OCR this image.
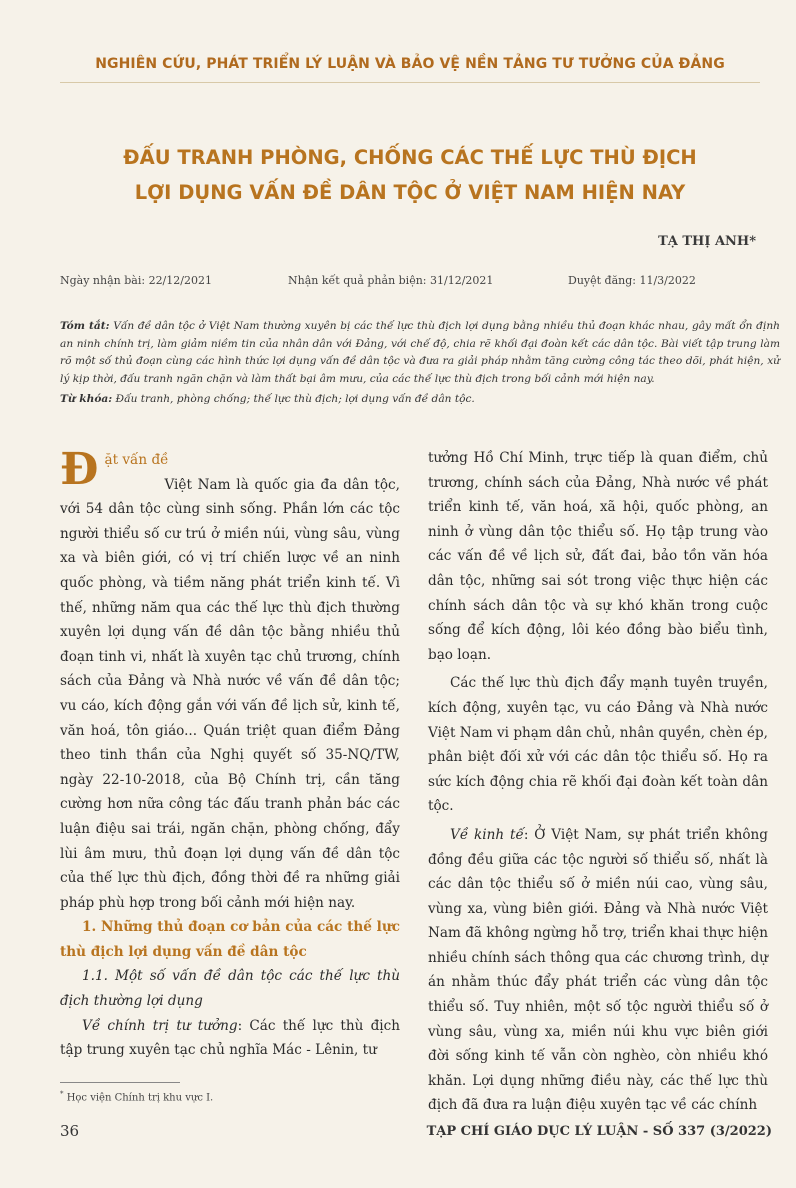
NGHIÊN CỨU, PHÁT TRIỂN LÝ LUẬN VÀ BẢO VỆ NỀN TẢNG TƯ TƯỞNG CỦA ĐẢNG
ĐẤU TRANH PHÒNG, CHỐNG CÁC THẾ LỰC THÙ ĐỊCH
LỢI DỤNG VẤN ĐỀ DÂN TỘC Ở VIỆT NAM HIỆN NAY
TẠ THỊ ANH*
Ngày nhận bài: 22/12/2021	Nhận kết quả phản biện: 31/12/2021	Duyệt đăng: 11/3/2022
Tóm tắt: Vấn đề dân tộc ở Việt Nam thường xuyên bị các thế lực thù địch lợi dụng bằng nhiều thủ đoạn khác nhau, gây mất ổn định an ninh chính trị, làm giảm niềm tin của nhân dân với Đảng, với chế độ, chia rẽ khối đại đoàn kết các dân tộc. Bài viết tập trung làm rõ một số thủ đoạn cùng các hình thức lợi dụng vấn đề dân tộc và đưa ra giải pháp nhằm tăng cường công tác theo dõi, phát hiện, xử lý kịp thời, đấu tranh ngăn chặn và làm thất bại âm mưu, của các thế lực thù địch trong bối cảnh mới hiện nay.
Từ khóa: Đấu tranh, phòng chống; thế lực thù địch; lợi dụng vấn đề dân tộc.
Đ ặt vấn đề

Việt Nam là quốc gia đa dân tộc, với 54 dân tộc cùng sinh sống. Phần lớn các tộc người thiểu số cư trú ở miền núi, vùng sâu, vùng xa và biên giới, có vị trí chiến lược về an ninh quốc phòng, và tiềm năng phát triển kinh tế. Vì thế, những năm qua các thế lực thù địch thường xuyên lợi dụng vấn đề dân tộc bằng nhiều thủ đoạn tinh vi, nhất là xuyên tạc chủ trương, chính sách của Đảng và Nhà nước về vấn đề dân tộc; vu cáo, kích động gắn với vấn đề lịch sử, kinh tế, văn hoá, tôn giáo... Quán triệt quan điểm Đảng theo tinh thần của Nghị quyết số 35-NQ/TW, ngày 22-10-2018, của Bộ Chính trị, cần tăng cường hơn nữa công tác đấu tranh phản bác các luận điệu sai trái, ngăn chặn, phòng chống, đẩy lùi âm mưu, thủ đoạn lợi dụng vấn đề dân tộc của thế lực thù địch, đồng thời đề ra những giải pháp phù hợp trong bối cảnh mới hiện nay.

1. Những thủ đoạn cơ bản của các thế lực thù địch lợi dụng vấn đề dân tộc

1.1. Một số vấn đề dân tộc các thế lực thù địch thường lợi dụng

Về chính trị tư tưởng: Các thế lực thù địch tập trung xuyên tạc chủ nghĩa Mác - Lênin, tư

tưởng Hồ Chí Minh, trực tiếp là quan điểm, chủ trương, chính sách của Đảng, Nhà nước về phát triển kinh tế, văn hoá, xã hội, quốc phòng, an ninh ở vùng dân tộc thiểu số. Họ tập trung vào các vấn đề về lịch sử, đất đai, bảo tồn văn hóa dân tộc, những sai sót trong việc thực hiện các chính sách dân tộc và sự khó khăn trong cuộc sống để kích động, lôi kéo đồng bào biểu tình, bạo loạn.

Các thế lực thù địch đẩy mạnh tuyên truyền, kích động, xuyên tạc, vu cáo Đảng và Nhà nước Việt Nam vi phạm dân chủ, nhân quyền, chèn ép, phân biệt đối xử với các dân tộc thiểu số. Họ ra sức kích động chia rẽ khối đại đoàn kết toàn dân tộc.

Về kinh tế: Ở Việt Nam, sự phát triển không đồng đều giữa các tộc người số thiểu số, nhất là các dân tộc thiểu số ở miền núi cao, vùng sâu, vùng xa, vùng biên giới. Đảng và Nhà nước Việt Nam đã không ngừng hỗ trợ, triển khai thực hiện nhiều chính sách thông qua các chương trình, dự án nhằm thúc đẩy phát triển các vùng dân tộc thiểu số. Tuy nhiên, một số tộc người thiểu số ở vùng sâu, vùng xa, miền núi khu vực biên giới đời sống kinh tế vẫn còn nghèo, còn nhiều khó khăn. Lợi dụng những điều này, các thế lực thù địch đã đưa ra luận điệu xuyên tạc về các chính

* Học viện Chính trị khu vực I.
36	TẠP CHÍ GIÁO DỤC LÝ LUẬN - SỐ 337 (3/2022)
